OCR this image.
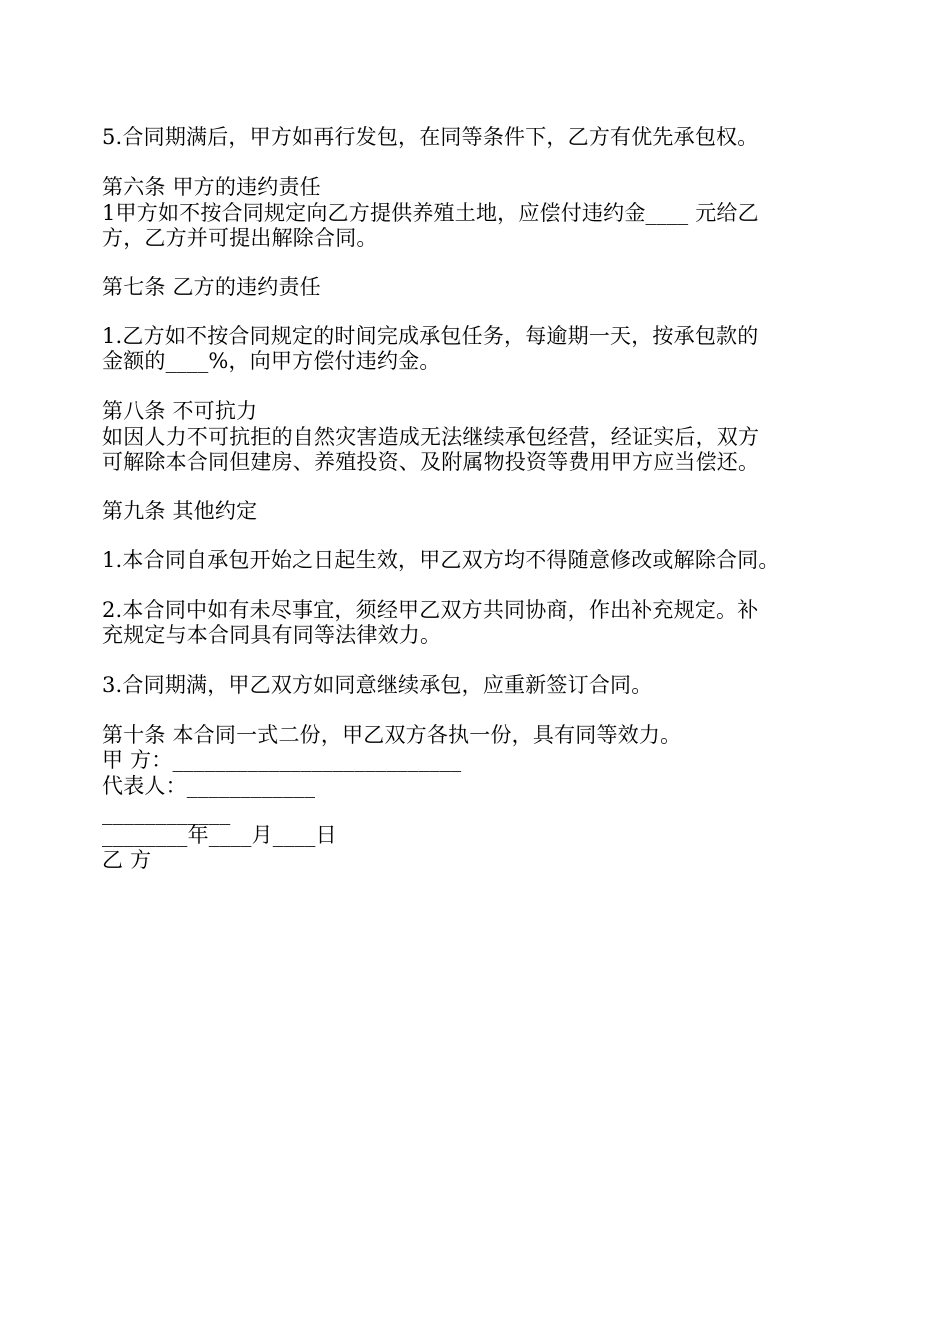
5.合同期满后，甲方如再行发包，在同等条件下，乙方有优先承包权。
第六条 甲方的违约责任
1甲方如不按合同规定向乙方提供养殖土地，应偿付违约金____ 元给乙
方，乙方并可提出解除合同。
第七条 乙方的违约责任
1.乙方如不按合同规定的时间完成承包任务，每逾期一天，按承包款的
金额的____%，向甲方偿付违约金。
第八条 不可抗力
如因人力不可抗拒的自然灾害造成无法继续承包经营，经证实后，双方
可解除本合同但建房、养殖投资、及附属物投资等费用甲方应当偿还。
第九条 其他约定
1.本合同自承包开始之日起生效，甲乙双方均不得随意修改或解除合同。
2.本合同中如有未尽事宜，须经甲乙双方共同协商，作出补充规定。补
充规定与本合同具有同等法律效力。
3.合同期满，甲乙双方如同意继续承包，应重新签订合同。
第十条 本合同一式二份，甲乙双方各执一份，具有同等效力。
甲 方：___________________________
代表人：____________
____________
________年____月____日
乙 方
